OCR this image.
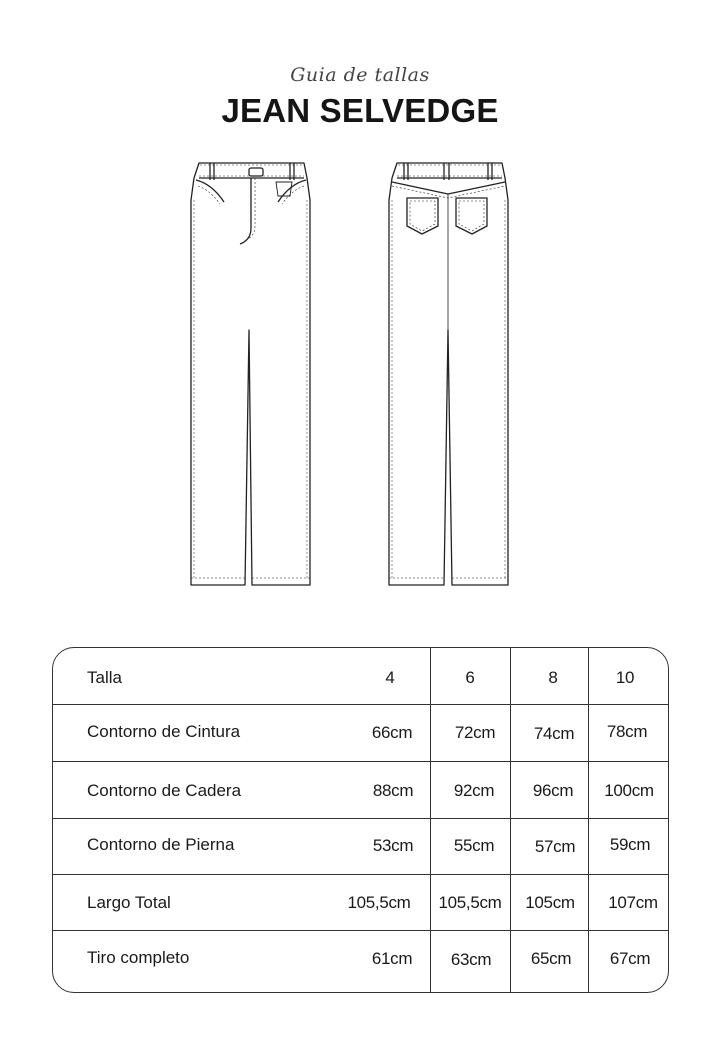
Guia de tallas
JEAN SELVEDGE
Talla	4	6	8	10
Contorno de Cintura	66cm	72cm 74cm 78cm
Contorno de Cadera	88cm 92cm 96cm 100cm
Contorno de Pierna	53cm 55cm 57cm 59cm
Largo Total	105,5cm 105,5cm 105cm 107cm
Tiro completo	61cm 63cm 65cm 67cm
